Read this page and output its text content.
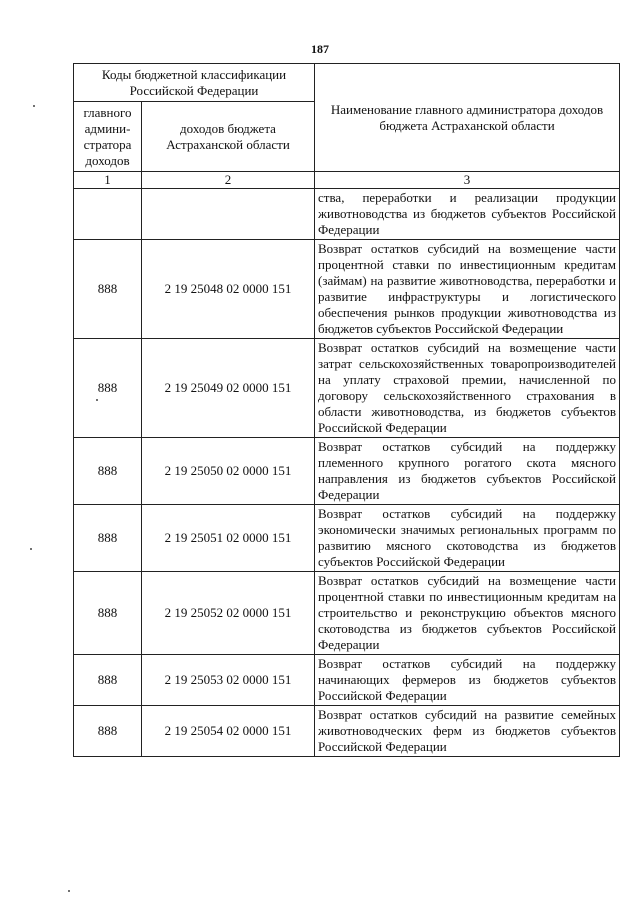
187
Коды бюджетной классификации Российской Федерации		Наименование главного администратора доходов бюджета Астраханской области
главного админи-стратора доходов	доходов бюджета Астраханской области	
1	2	3
		ства, переработки и реализации продукции животноводства из бюджетов субъектов Российской Федерации
888	2 19 25048 02 0000 151	Возврат остатков субсидий на возмещение части процентной ставки по инвестиционным кредитам (займам) на развитие животноводства, переработки и развитие инфраструктуры и логистического обеспечения рынков продукции животноводства из бюджетов субъектов Российской Федерации
888	2 19 25049 02 0000 151	Возврат остатков субсидий на возмещение части затрат сельскохозяйственных товаропроизводителей на уплату страховой премии, начисленной по договору сельскохозяйственного страхования в области животноводства, из бюджетов субъектов Российской Федерации
888	2 19 25050 02 0000 151	Возврат остатков субсидий на поддержку племенного крупного рогатого скота мясного направления из бюджетов субъектов Российской Федерации
888	2 19 25051 02 0000 151	Возврат остатков субсидий на поддержку экономически значимых региональных программ по развитию мясного скотоводства из бюджетов субъектов Российской Федерации
888	2 19 25052 02 0000 151	Возврат остатков субсидий на возмещение части процентной ставки по инвестиционным кредитам на строительство и реконструкцию объектов мясного скотоводства из бюджетов субъектов Российской Федерации
888	2 19 25053 02 0000 151	Возврат остатков субсидий на поддержку начинающих фермеров из бюджетов субъектов Российской Федерации
888	2 19 25054 02 0000 151	Возврат остатков субсидий на развитие семейных животноводческих ферм из бюджетов субъектов Российской Федерации
